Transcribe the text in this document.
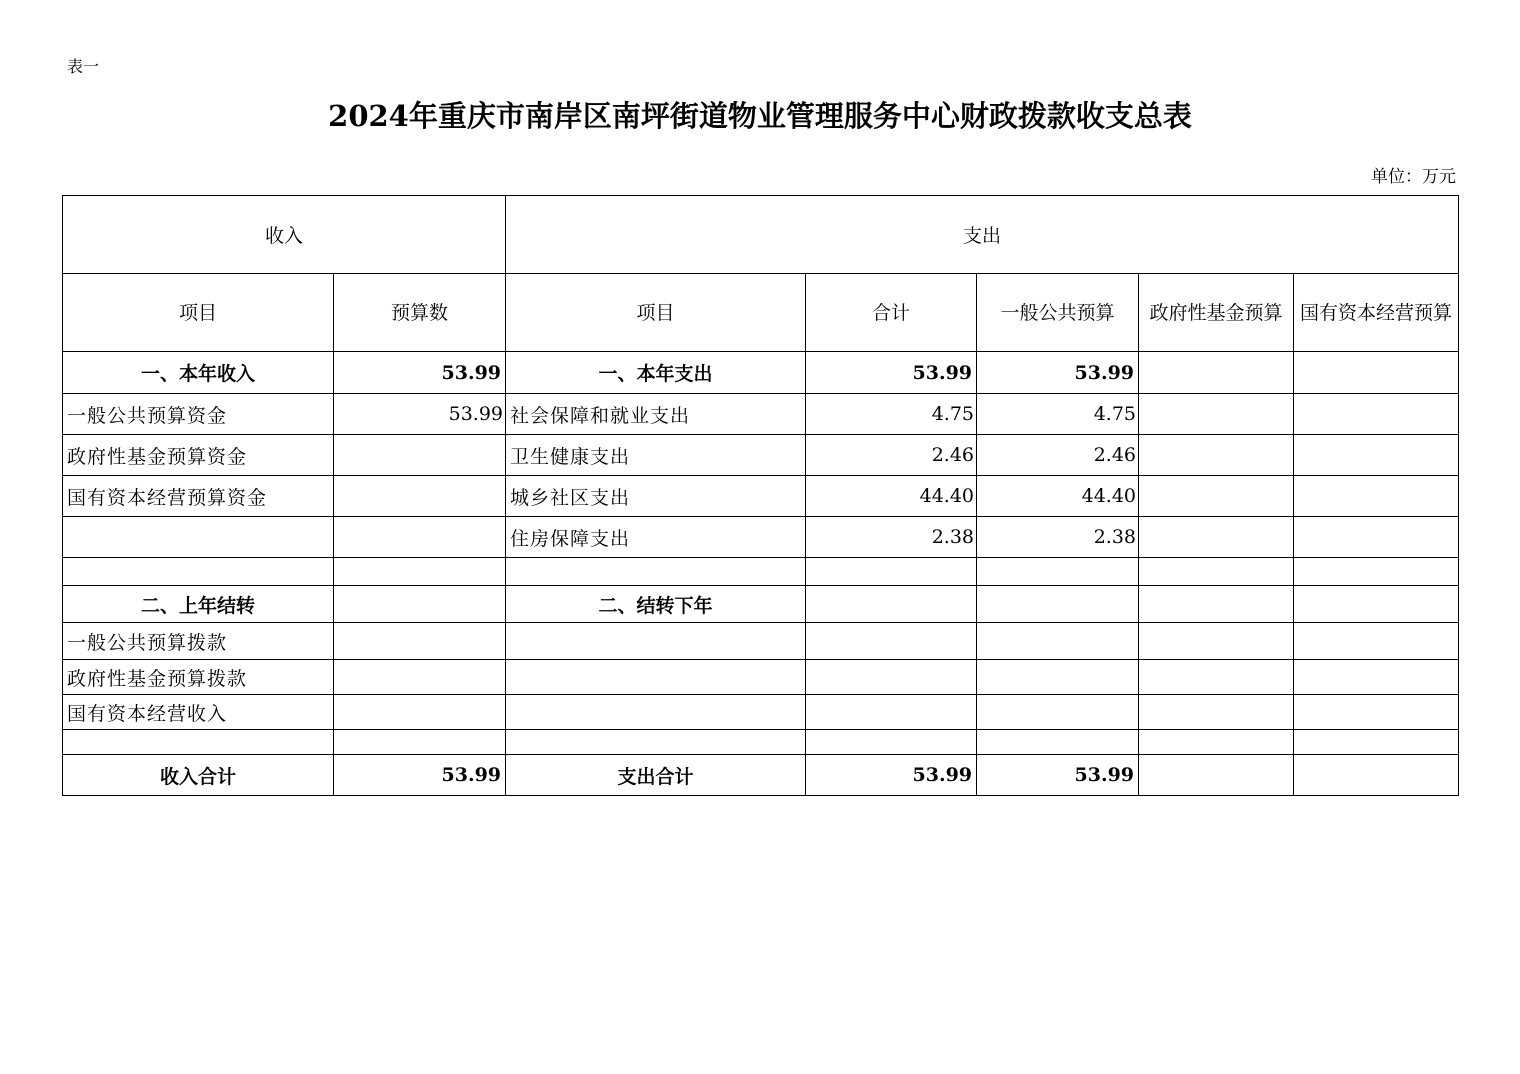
表一
2024年重庆市南岸区南坪街道物业管理服务中心财政拨款收支总表
单位：万元
收入		支出				
项目	预算数	项目	合计	一般公共预算	政府性基金预算	国有资本经营预算
一、本年收入	53.99	一、本年支出	53.99	53.99		
一般公共预算资金	53.99	社会保障和就业支出	4.75	4.75		
政府性基金预算资金		卫生健康支出	2.46	2.46		
国有资本经营预算资金		城乡社区支出	44.40	44.40		
		住房保障支出	2.38	2.38		

二、上年结转		二、结转下年				
一般公共预算拨款						
政府性基金预算拨款						
国有资本经营收入						

收入合计	53.99	支出合计	53.99	53.99		
